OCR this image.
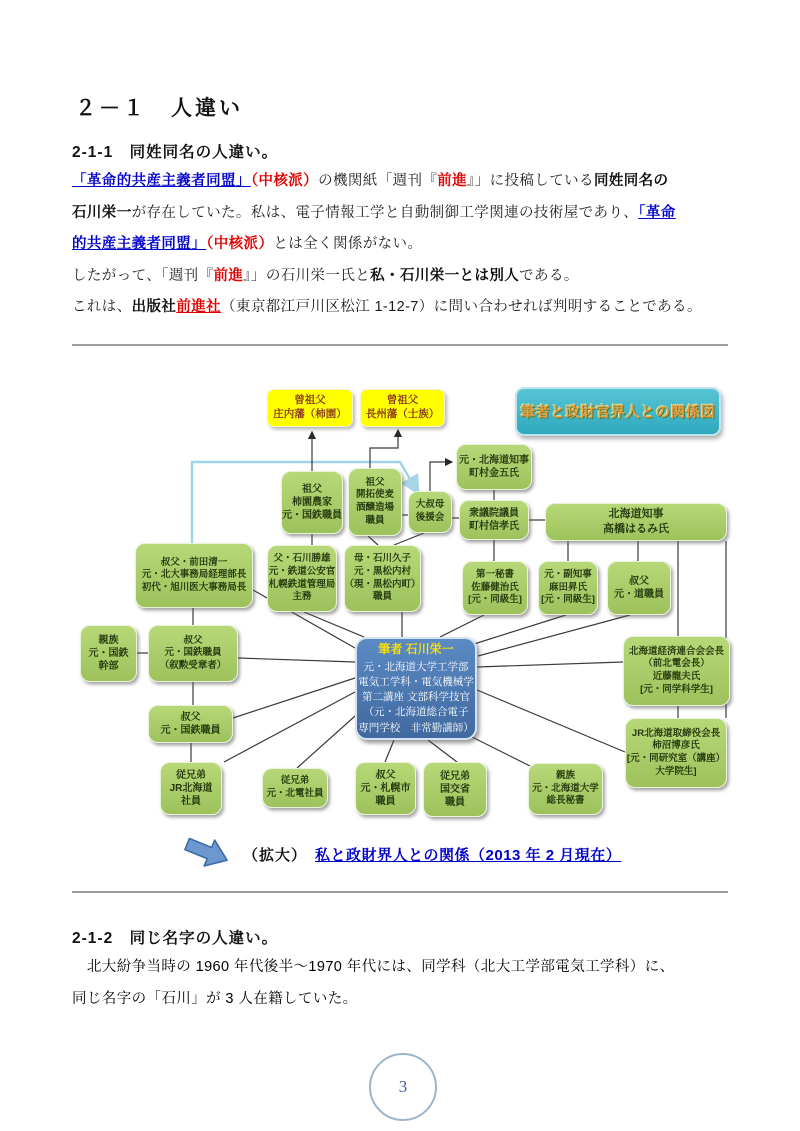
２－１　人違い
2-1-1　同姓同名の人違い。
「革命的共産主義者同盟」（中核派）の機関紙「週刊『前進』」に投稿している同姓同名の
石川栄一が存在していた。私は、電子情報工学と自動制御工学関連の技術屋であり、「革命
的共産主義者同盟」（中核派）とは全く関係がない。
したがって、「週刊『前進』」の石川栄一氏と私・石川栄一とは別人である。
これは、出版社前進社（東京都江戸川区松江 1-12-7）に問い合わせれば判明することである。
筆者と政財官界人との関係図
曾祖父
庄内藩（柿園）
曾祖父
長州藩（士族）
元・北海道知事
町村金五氏
祖父
柿園農家
元・国鉄職員
祖父
開拓使麦
酒醸造場
職員
大叔母
後援会 衆議院議員
町村信孝氏
北海道知事
高橋はるみ氏
叔父・前田清一
元・北大事務局経理部長
初代・旭川医大事務局長
父・石川勝雄
元・鉄道公安官
札幌鉄道管理局
主務
母・石川久子
元・黒松内村
（現・黒松内町）
職員
第一秘書
佐藤健治氏
[元・同級生]
元・副知事
麻田昇氏
[元・同級生]
叔父
元・道職員
親族
元・国鉄
幹部
叔父
元・国鉄職員
（叙勲受章者）
筆者 石川栄一
元・北海道大学工学部
電気工学科・電気機械学
第二講座 文部科学技官
（元・北海道総合電子
専門学校　非常勤講師）
北海道経済連合会会長
（前北電会長）
近藤龍夫氏
[元・同学科学生]
叔父
元・国鉄職員	JR北海道取締役会長
柿沼博彦氏
[元・同研究室（講座）
大学院生]
従兄弟
JR北海道
社員
従兄弟
元・北電社員
叔父
元・札幌市
職員
従兄弟
国交省
職員
親族
元・北海道大学
総長秘書
（拡大） 私と政財界人との関係（2013 年 2 月現在）
2-1-2　同じ名字の人違い。
　北大紛争当時の 1960 年代後半～1970 年代には、同学科（北大工学部電気工学科）に、
同じ名字の「石川」が 3 人在籍していた。
3
